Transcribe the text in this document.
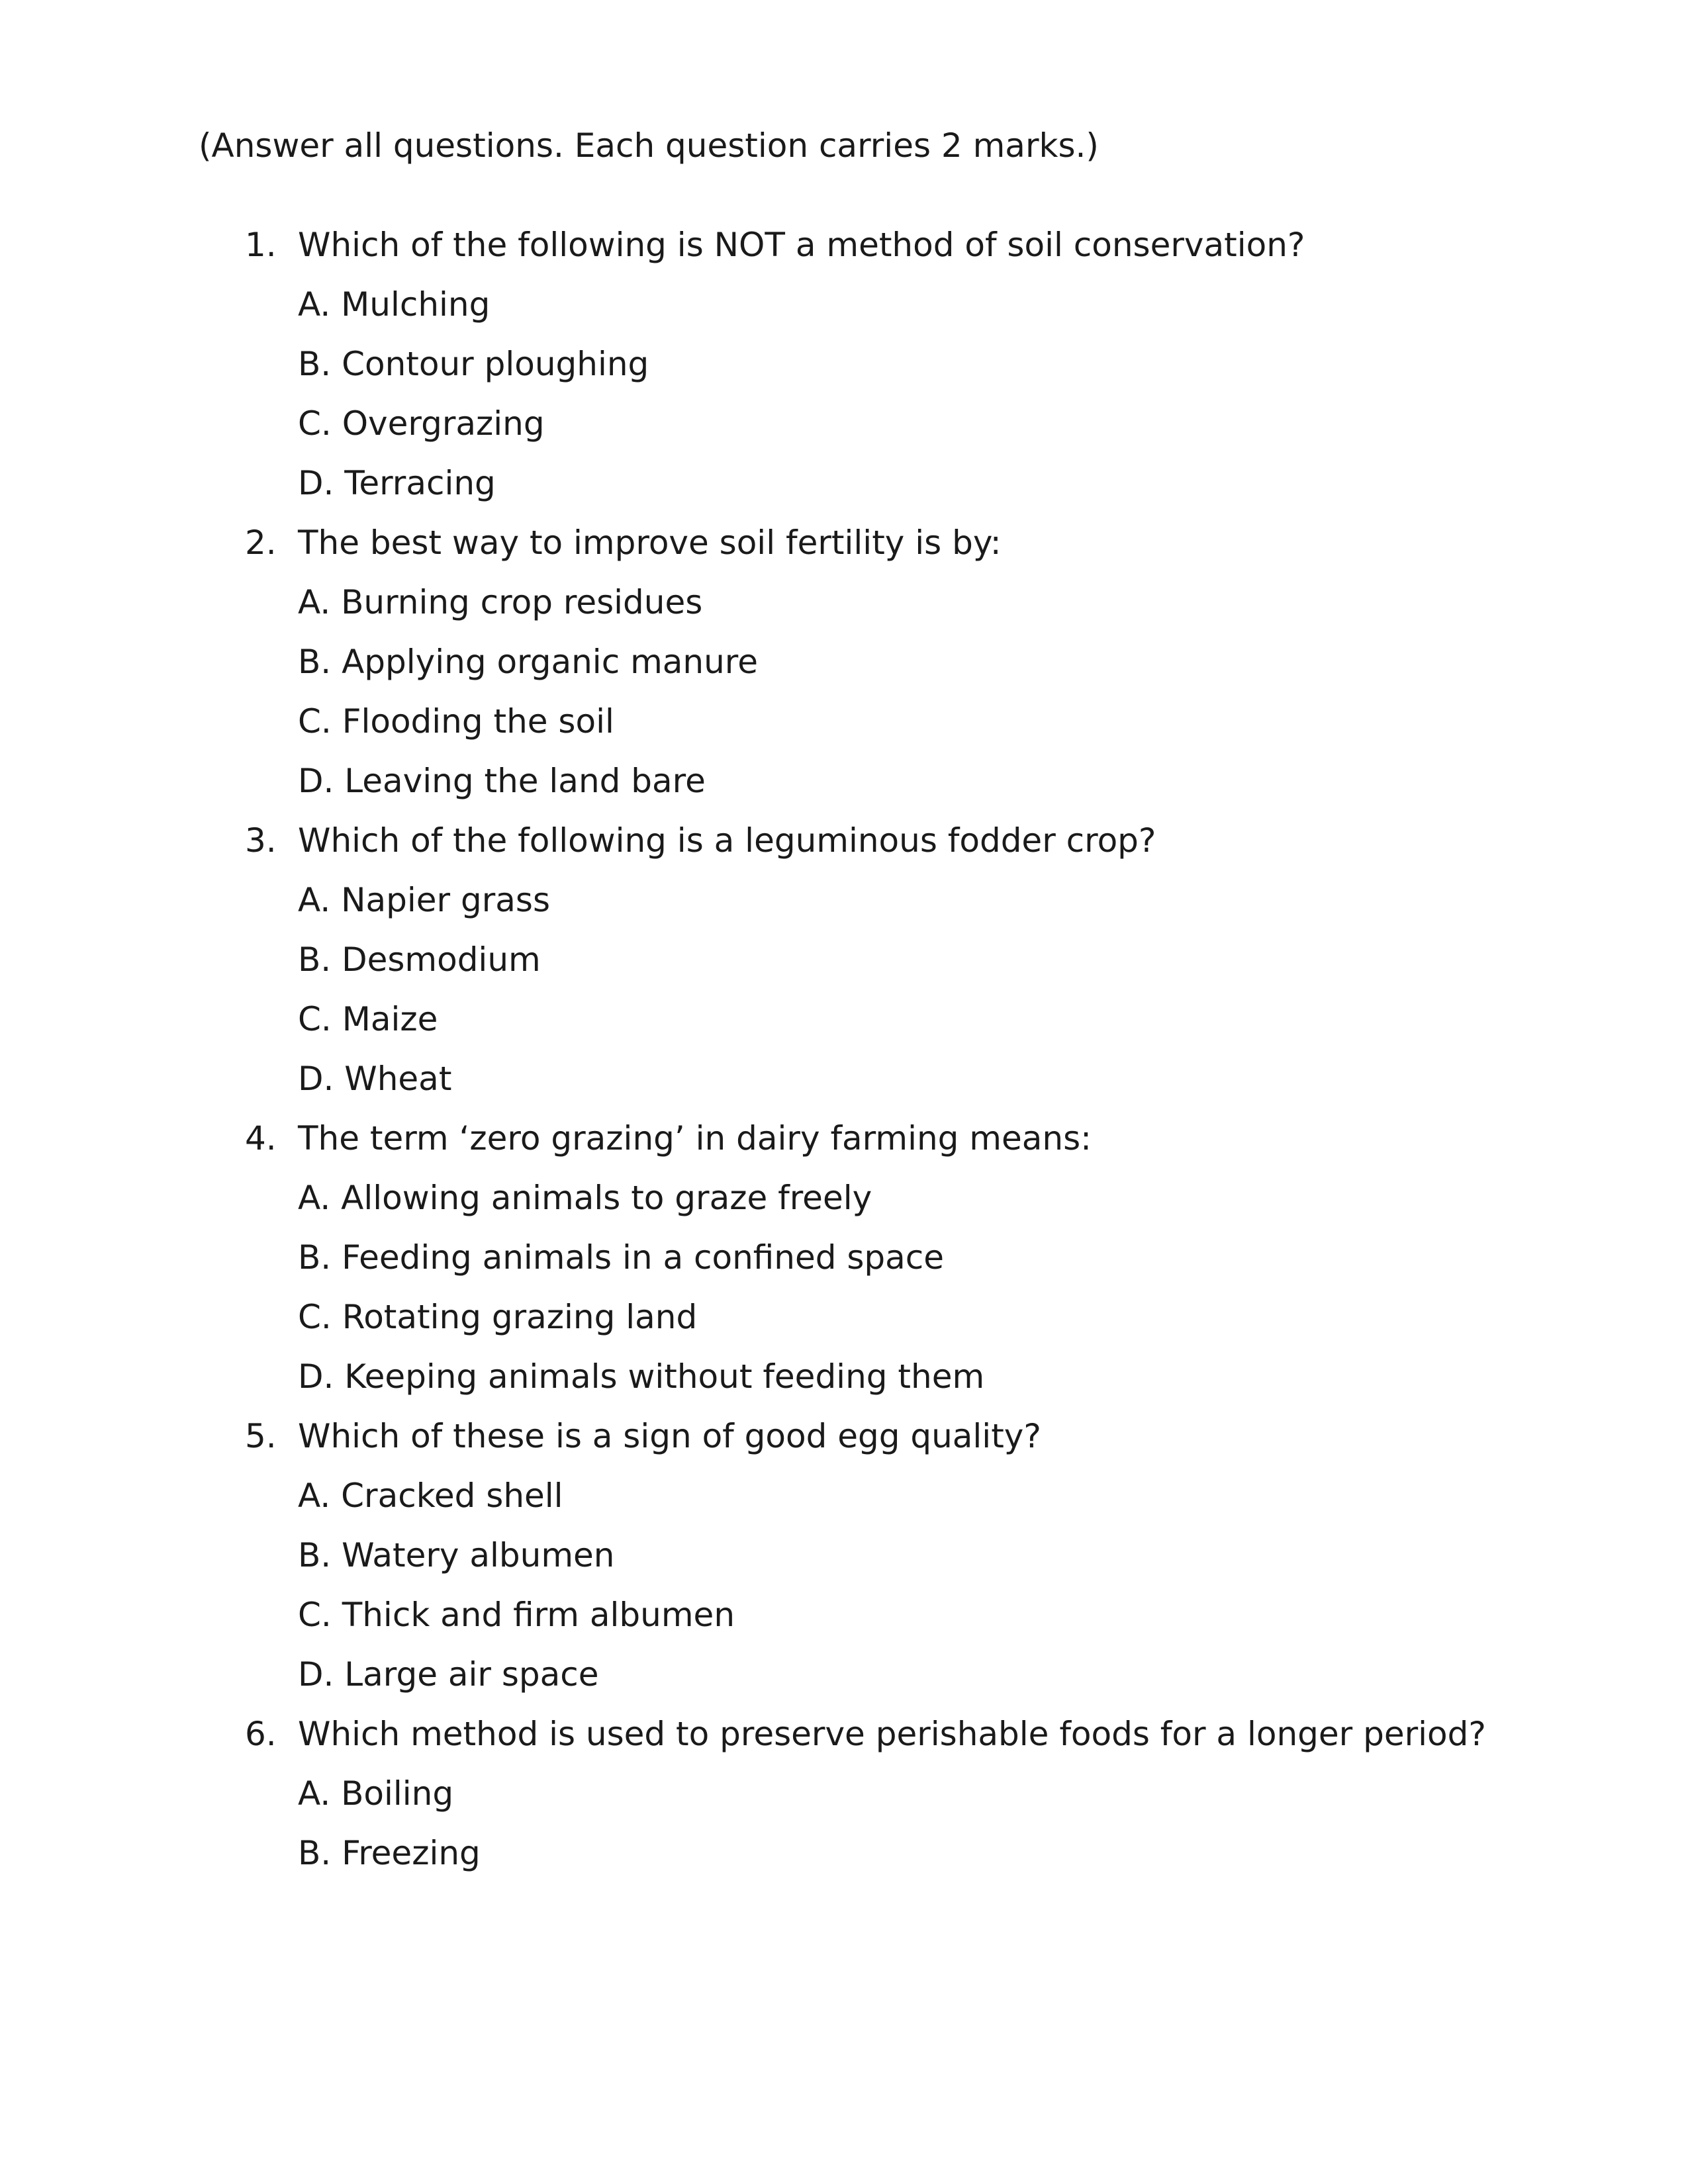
(Answer all questions. Each question carries 2 marks.)
1. Which of the following is NOT a method of soil conservation?
A. Mulching
B. Contour ploughing
C. Overgrazing
D. Terracing
2. The best way to improve soil fertility is by:
A. Burning crop residues
B. Applying organic manure
C. Flooding the soil
D. Leaving the land bare
3. Which of the following is a leguminous fodder crop?
A. Napier grass
B. Desmodium
C. Maize
D. Wheat
4. The term ‘zero grazing’ in dairy farming means:
A. Allowing animals to graze freely
B. Feeding animals in a confined space
C. Rotating grazing land
D. Keeping animals without feeding them
5. Which of these is a sign of good egg quality?
A. Cracked shell
B. Watery albumen
C. Thick and firm albumen
D. Large air space
6. Which method is used to preserve perishable foods for a longer period?
A. Boiling
B. Freezing
